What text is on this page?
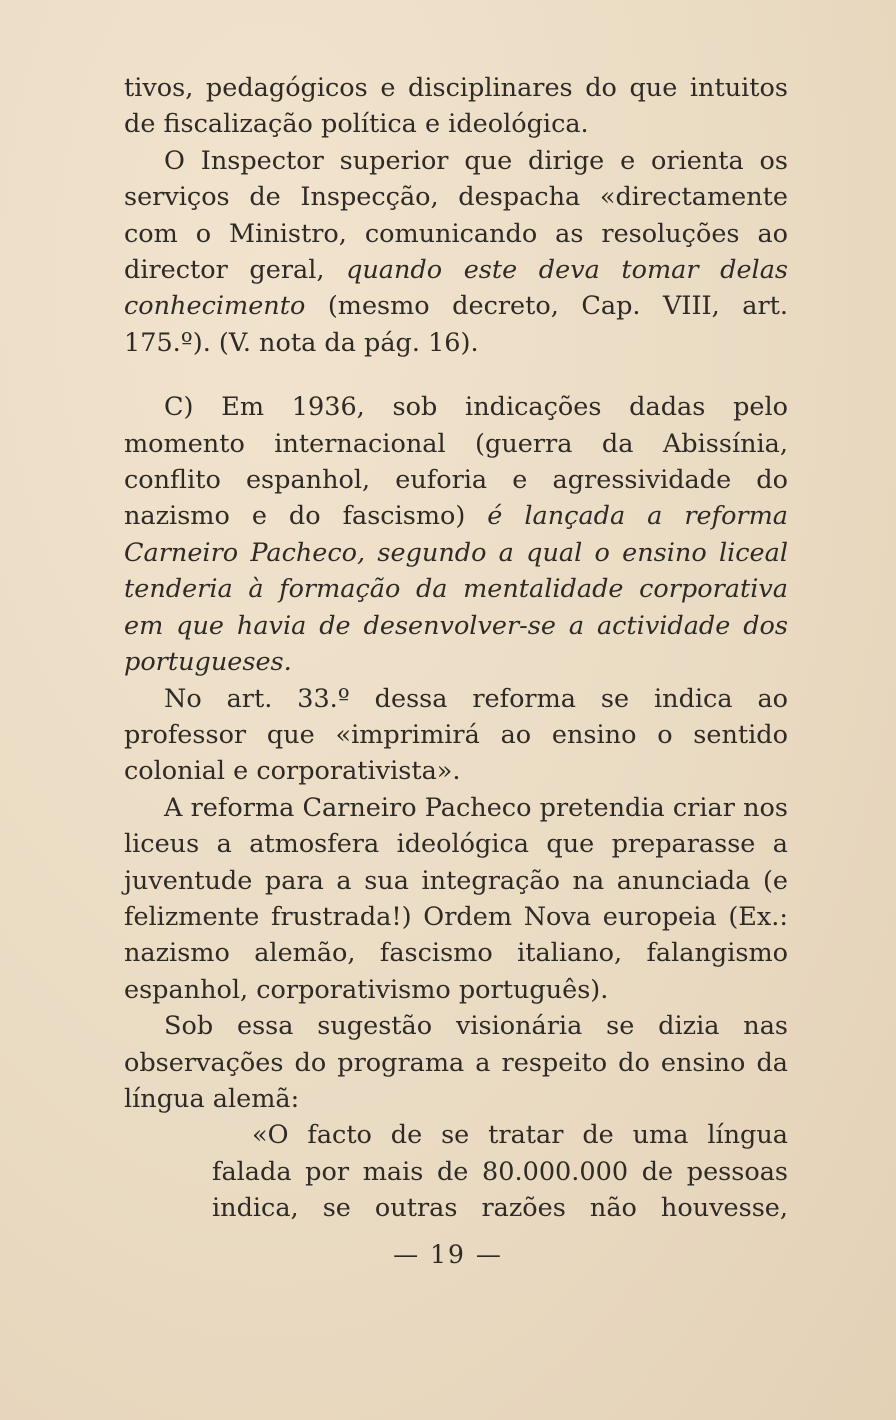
tivos, pedagógicos e disciplinares do que intuitos de fiscalização política e ideológica.

O Inspector superior que dirige e orienta os serviços de Inspecção, despacha «directamente com o Ministro, comunicando as resoluções ao director geral, quando este deva tomar delas conhecimento (mesmo decreto, Cap. VIII, art. 175.º). (V. nota da pág. 16).

C) Em 1936, sob indicações dadas pelo momento internacional (guerra da Abissínia, conflito espanhol, euforia e agressividade do nazismo e do fascismo) é lançada a reforma Carneiro Pacheco, segundo a qual o ensino liceal tenderia à formação da mentalidade corporativa em que havia de desenvolver-se a actividade dos portugueses.

No art. 33.º dessa reforma se indica ao professor que «imprimirá ao ensino o sentido colonial e corporativista».

A reforma Carneiro Pacheco pretendia criar nos liceus a atmosfera ideológica que preparasse a juventude para a sua integração na anunciada (e felizmente frustrada!) Ordem Nova europeia (Ex.: nazismo alemão, fascismo italiano, falangismo espanhol, corporativismo português).

Sob essa sugestão visionária se dizia nas observações do programa a respeito do ensino da língua alemã:

«O facto de se tratar de uma língua falada por mais de 80.000.000 de pessoas indica, se outras razões não houvesse,

— 19 —
